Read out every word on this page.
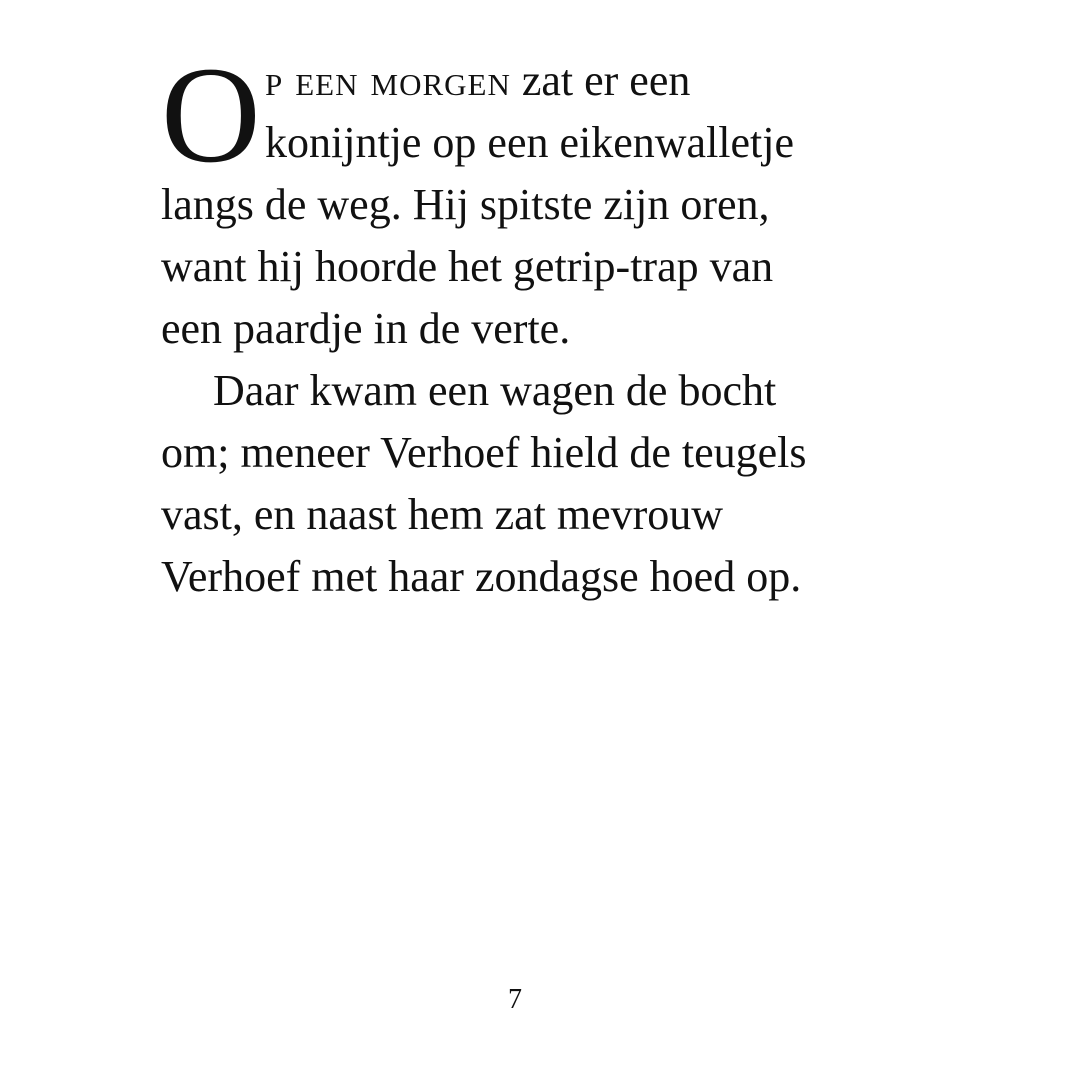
O p een morgen zat er een
konijntje op een eikenwalletje
langs de weg. Hij spitste zijn oren,
want hij hoorde het getrip-trap van
een paardje in de verte.
Daar kwam een wagen de bocht
om; meneer Verhoef hield de teugels
vast, en naast hem zat mevrouw
Verhoef met haar zondagse hoed op.
7
